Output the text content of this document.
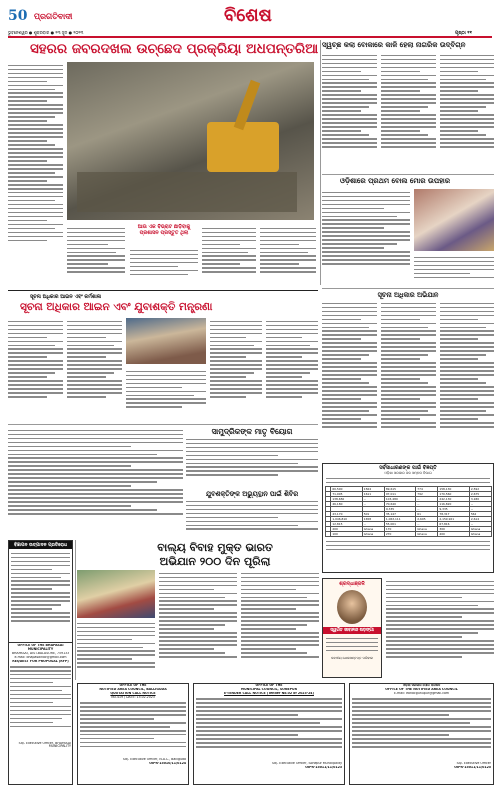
50 ପ୍ରଗତିବାଦୀ	ବିଶେଷ
ଭୁବନେଶ୍ୱର ● ଶୁକ୍ରବାର ● ୨୩ ଜୁନ ● ୨୦୨୩	ପୃଷ୍ଠା ୧୧
ସହରର ଜବରଦଖଲ ଉଚ୍ଛେଦ ପ୍ରକ୍ରିୟା ଅଧପନ୍ତରିଆ
ଆଉ ଏକ ବିଭ୍ରାଟ ଛାଡ଼ିବାକୁ ପ୍ରଶାସନ ପ୍ରସ୍ତୁତ ଥିଲା
ସ୍ୱଚ୍ଛ କଲା ବୋକାରେ କାଳି ହେଲା ନାଗରିକ ଉଦ୍ବିଗ୍ନ
ଓଡ଼ିଶାରେ ପ୍ରଥମ ବୋଲ ମୋର ଉପହାର
ସୂଚନା ଅଧିକାର ଆଇନ ଏବଂ କର୍ମଶାଳା
ସୂଚନା ଅଧିକାର ଆଇନ ଏବଂ ଯୁବାଶକ୍ତି ମନ୍ତ୍ରଣା
ସୂଚନା ଅଧିକାର ଅଭିଯାନ
ସାମୁଦ୍ରିକଙ୍କ ମାତୃ ବିୟୋଗ
ଯୁବଶକ୍ତିଙ୍କ ଅଭ୍ୟୁତ୍ଥାନ ପାଇଁ ଶିବିର
ସର୍ବସାଧାରଣଙ୍କ ପାଇଁ ବିଜ୍ଞପ୍ତି
ଓଡ଼ିଶା ସରକାର ଜଳ ସମ୍ପଦ ବିଭାଗ
	60,500	1564	89,615	774	158,130	2,592
	71,005	1611	97,011	792	170,560	2,675
	138,650	--	103,480	--	242,130	3,180
	46,180	--	70,640	--	116,820	--
			9,335	--	9,335	--
	43,170	501	35,147	61	78,317	562
	1,046,810	1658	1,063,111	2,695	2,159,921	2,614
	12,815	--	55,001	--	67,816	--
	200	Ghana	170	Ghana	300	Ghana
	100	Ghana	270	Ghana	400	Ghana
ବିଜ୍ଞାପନ ଉତ୍ପାଦନ ପ୍ରତିରୋଧ
OFFICE OF THE BHAPASAI MUNICIPALITY
BHAPASAI, DIST-BALASORE, 759133
e-mail: bhapasainac@gmail.com
REQUEST FOR PROPOSAL (RFP)
Sd/- Executive Officer, BHAPASAI MUNICIPALITY
ବାଲ୍ୟ ବିବାହ ମୁକ୍ତ ଭାରତ
ଅଭିଯାନ ୨୦୦ ଦିନ ପୂରିଲା
ଶ୍ରଦ୍ଧାଞ୍ଜଳି
ସ୍ୱର୍ଗତ ଜୀବାନନ୍ଦ ଷଡ଼ଙ୍ଗୀ
ଭବଦୀୟ ଶୋକସନ୍ତପ୍ତ ପରିବାର
OFFICE OF THE
NOTIFIED AREA COUNCIL, BALLIGUDA
QUOTATION CALL NOTICE
NO.419 / DATE: 15.02.2023
Sd/- Executive Officer, N.A.C., Balliguda
OIPR-15010/11/0124
OFFICE OF THE
MUNICIPAL COUNCIL, SONEPUR
E-TENDER CALL NOTICE (Tender No.02 of 2023-24)
Sd/- Executive Officer, Sonepur Municipality
OIPR-15011/11/0123
ଓଡ଼ିଶା ସରକାର ପୌର ପରିଷଦ
OFFICE OF THE NOTIFIED AREA COUNCIL
E-mail: eonacgunupur@gmail.com
Sd/- Executive Officer
OIPR-15011/11/0125
